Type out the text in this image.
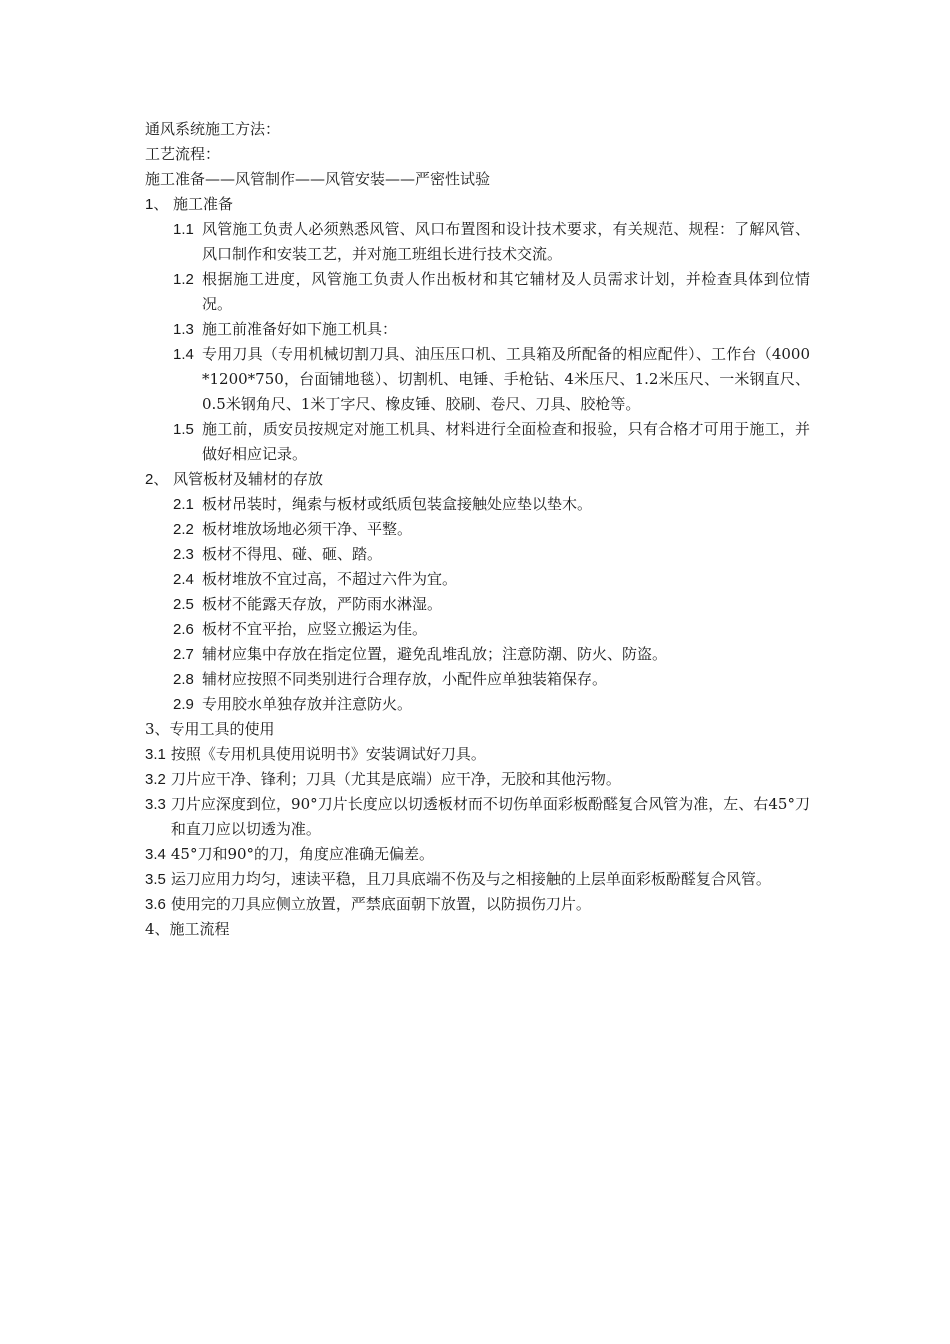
通风系统施工方法：

工艺流程：

施工准备——风管制作——风管安装——严密性试验

1、 施工准备
1.1 风管施工负责人必须熟悉风管、风口布置图和设计技术要求，有关规范、规程：了解风管、风口制作和安装工艺，并对施工班组长进行技术交流。
1.2 根据施工进度，风管施工负责人作出板材和其它辅材及人员需求计划，并检查具体到位情况。
1.3 施工前准备好如下施工机具：
1.4 专用刀具（专用机械切割刀具、油压压口机、工具箱及所配备的相应配件）、工作台（4000*1200*750，台面铺地毯）、切割机、电锤、手枪钻、4米压尺、1.2米压尺、一米钢直尺、0.5米钢角尺、1米丁字尺、橡皮锤、胶刷、卷尺、刀具、胶枪等。
1.5 施工前，质安员按规定对施工机具、材料进行全面检查和报验，只有合格才可用于施工，并做好相应记录。
2、 风管板材及辅材的存放
2.1 板材吊装时，绳索与板材或纸质包装盒接触处应垫以垫木。
2.2 板材堆放场地必须干净、平整。
2.3 板材不得甩、碰、砸、踏。
2.4 板材堆放不宜过高，不超过六件为宜。
2.5 板材不能露天存放，严防雨水淋湿。
2.6 板材不宜平抬，应竖立搬运为佳。
2.7 辅材应集中存放在指定位置，避免乱堆乱放；注意防潮、防火、防盗。
2.8 辅材应按照不同类别进行合理存放，小配件应单独装箱保存。
2.9 专用胶水单独存放并注意防火。

3、专用工具的使用

3.1 按照《专用机具使用说明书》安装调试好刀具。
3.2 刀片应干净、锋利；刀具（尤其是底端）应干净，无胶和其他污物。
3.3 刀片应深度到位，90°刀片长度应以切透板材而不切伤单面彩板酚醛复合风管为准，左、右45°刀和直刀应以切透为准。
3.4 45°刀和90°的刀，角度应准确无偏差。
3.5 运刀应用力均匀，速读平稳，且刀具底端不伤及与之相接触的上层单面彩板酚醛复合风管。
3.6 使用完的刀具应侧立放置，严禁底面朝下放置，以防损伤刀片。

4、施工流程
